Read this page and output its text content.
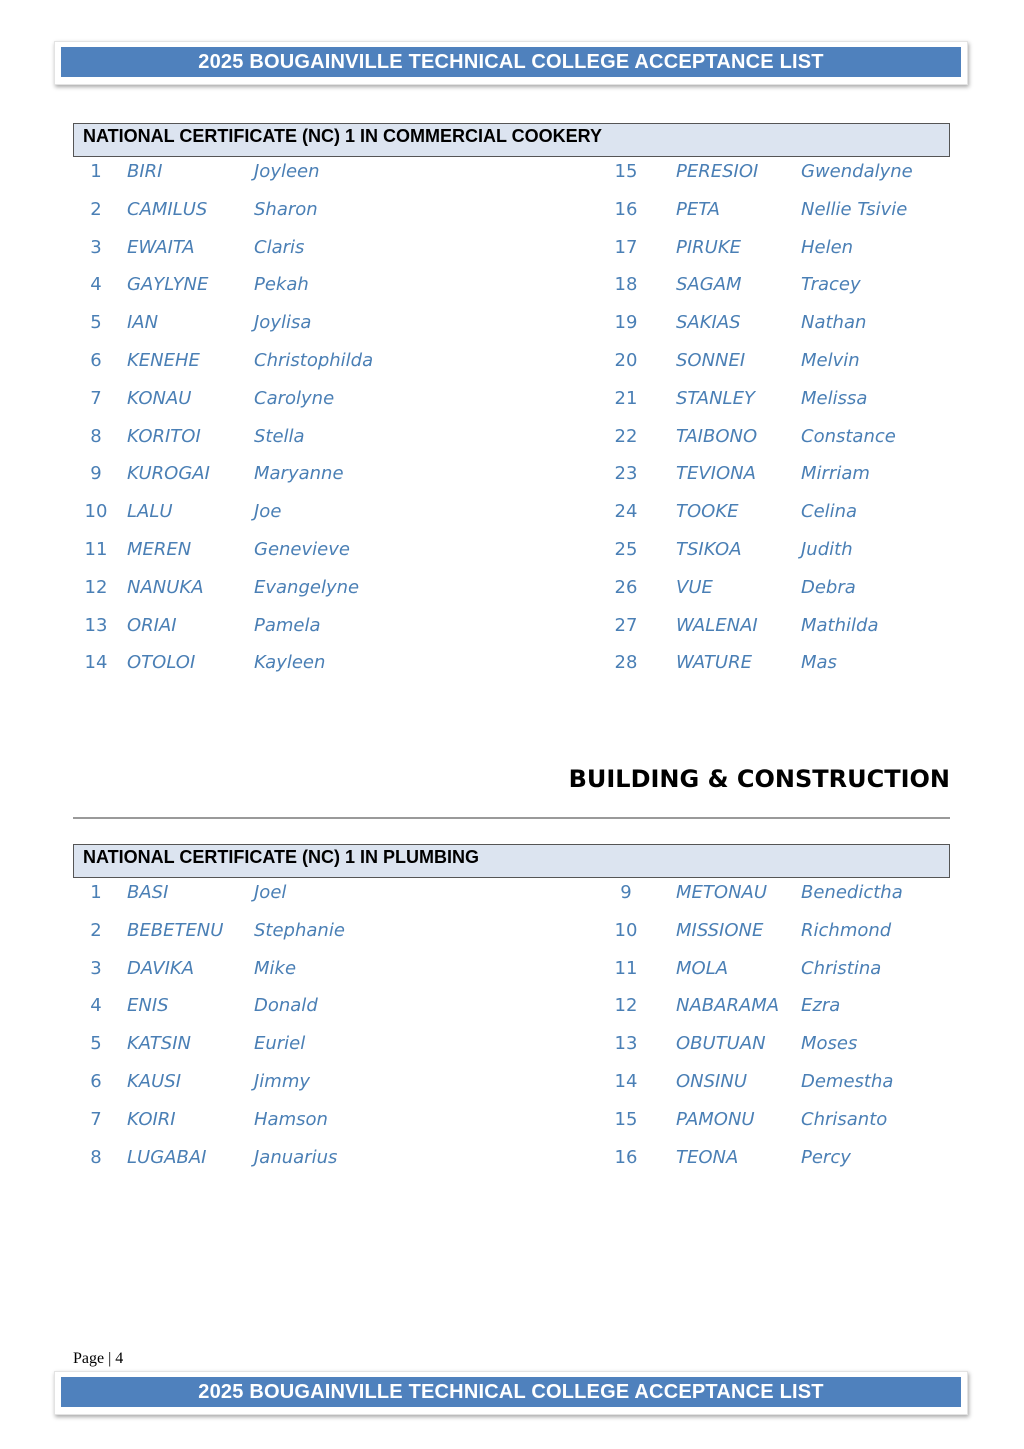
2025 BOUGAINVILLE TECHNICAL COLLEGE ACCEPTANCE LIST
NATIONAL CERTIFICATE (NC) 1 IN COMMERCIAL COOKERY
1	BIRI	Joyleen
2	CAMILUS	Sharon
3	EWAITA	Claris
4	GAYLYNE	Pekah
5	IAN	Joylisa
6	KENEHE	Christophilda
7	KONAU	Carolyne
8	KORITOI	Stella
9	KUROGAI Maryanne
10 LALU	Joe
11 MEREN	Genevieve
12 NANUKA	Evangelyne
13 ORIAI	Pamela
14 OTOLOI	Kayleen
15 PERESIOI Gwendalyne
16 PETA	Nellie Tsivie
17 PIRUKE	Helen
18 SAGAM	Tracey
19 SAKIAS	Nathan
20 SONNEI	Melvin
21 STANLEY	Melissa
22 TAIBONO Constance
23 TEVIONA	Mirriam
24 TOOKE	Celina
25 TSIKOA	Judith
26 VUE	Debra
27 WALENAI Mathilda
28 WATURE	Mas
BUILDING & CONSTRUCTION
NATIONAL CERTIFICATE (NC) 1 IN PLUMBING
1	BASI	Joel
2	BEBETENU Stephanie
3	DAVIKA	Mike
4	ENIS	Donald
5	KATSIN	Euriel
6	KAUSI	Jimmy
7	KOIRI	Hamson
8	LUGABAI	Januarius
9	METONAU Benedictha
10 MISSIONE Richmond
11 MOLA	Christina
12 NABARAMA Ezra
13 OBUTUAN Moses
14 ONSINU	Demestha
15 PAMONU	Chrisanto
16 TEONA	Percy
Page | 4
2025 BOUGAINVILLE TECHNICAL COLLEGE ACCEPTANCE LIST
